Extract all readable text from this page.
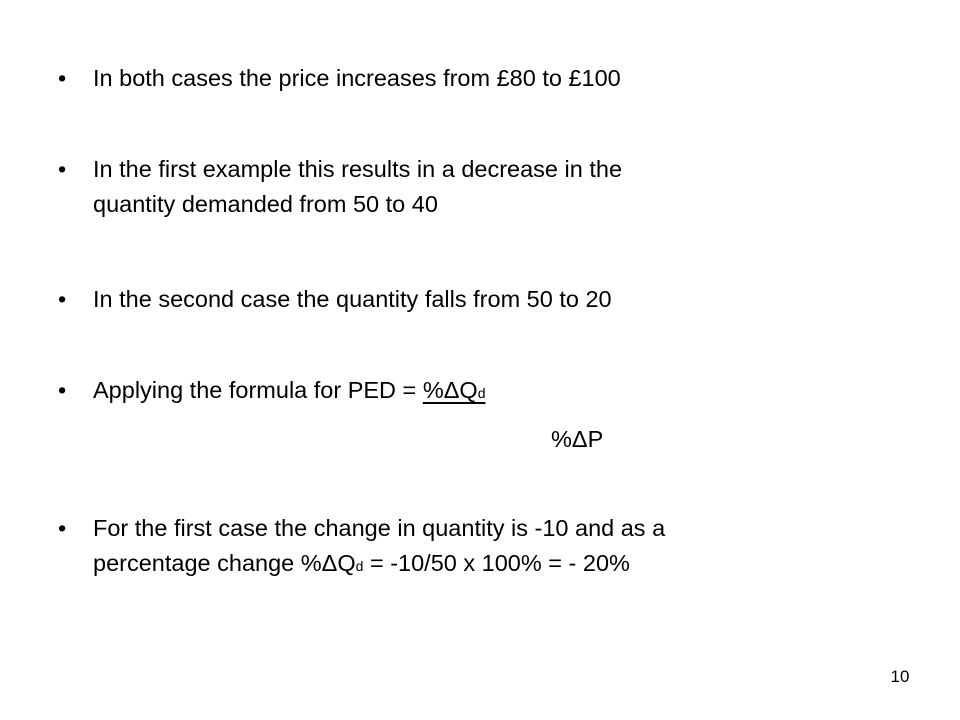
•	In both cases the price increases from £80 to £100
•	In the first example this results in a decrease in the
quantity demanded from 50 to 40
•	In the second case the quantity falls from 50 to 20
•	Applying the formula for PED = %ΔQd
%ΔP
•	For the first case the change in quantity is -10 and as a
percentage change %ΔQd = -10/50 x 100% = - 20%
10
